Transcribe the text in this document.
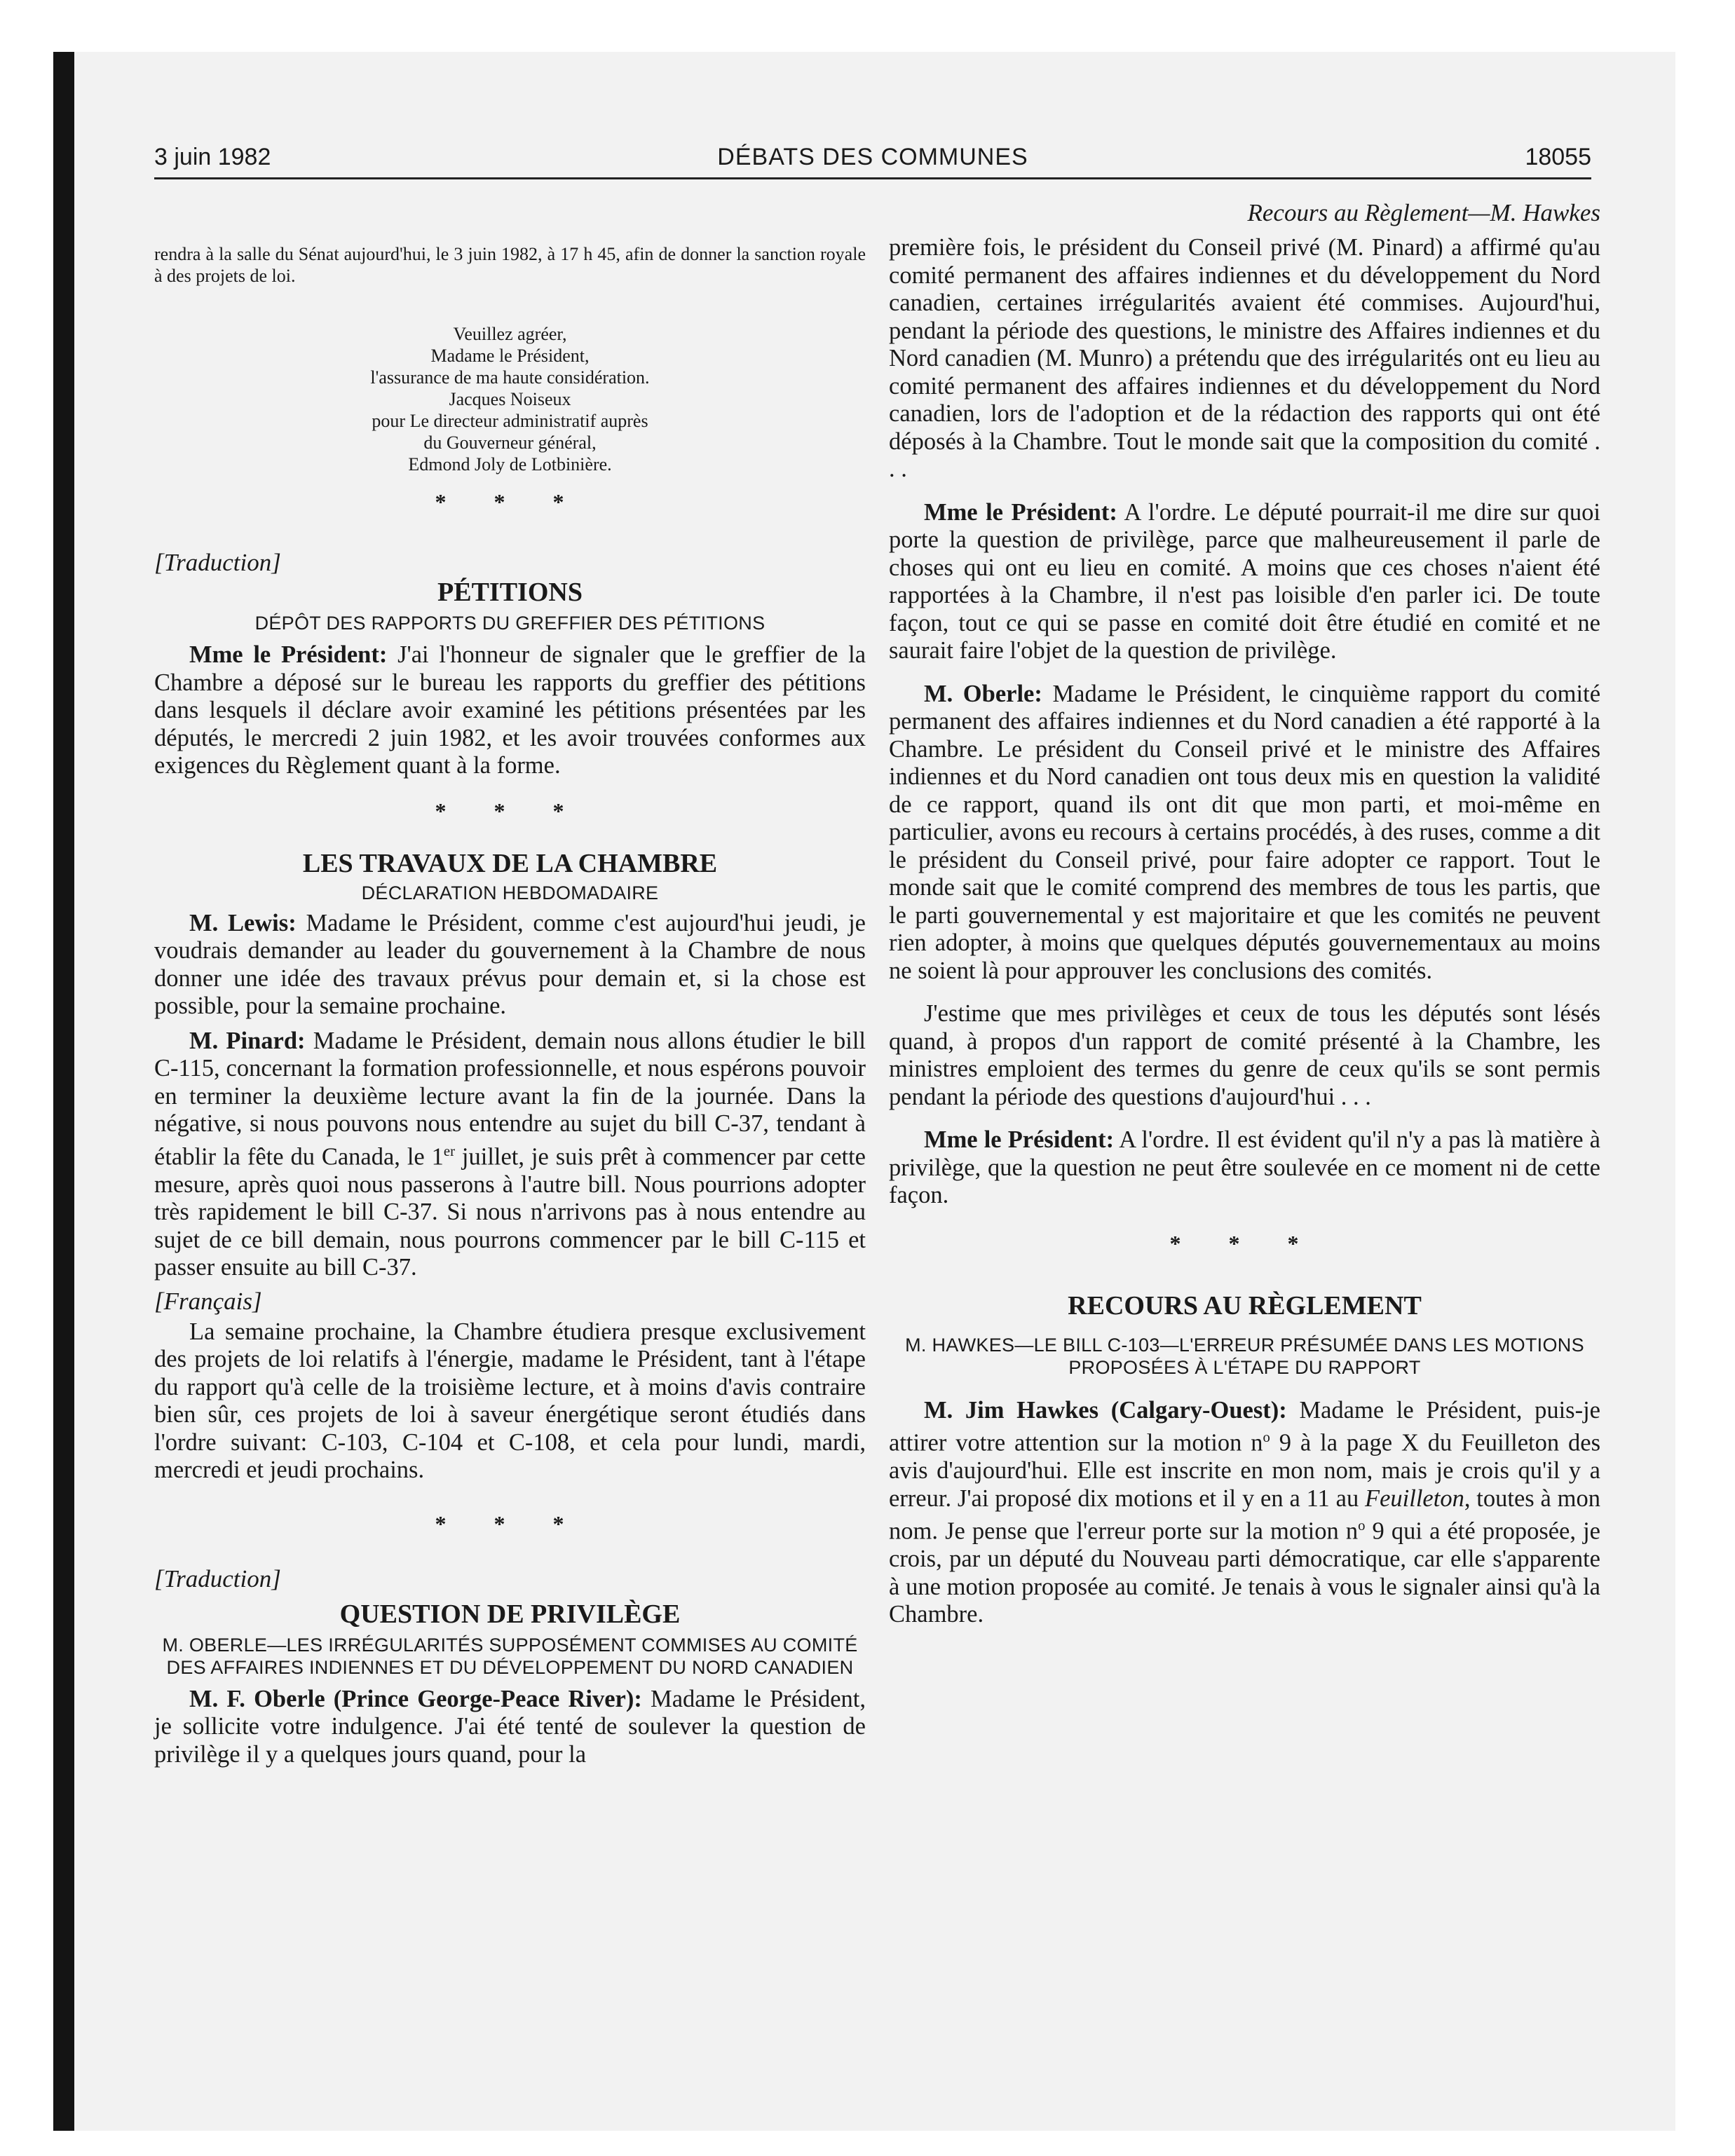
3 juin 1982	DÉBATS DES COMMUNES	18055

rendra à la salle du Sénat aujourd'hui, le 3 juin 1982, à 17 h 45, afin de donner la sanction royale à des projets de loi.

Veuillez agréer,

Madame le Président,

l'assurance de ma haute considération.

Jacques Noiseux

pour Le directeur administratif auprès

du Gouverneur général,

Edmond Joly de Lotbinière.

* * *

[Traduction]

PÉTITIONS

DÉPÔT DES RAPPORTS DU GREFFIER DES PÉTITIONS

Mme le Président: J'ai l'honneur de signaler que le greffier de la Chambre a déposé sur le bureau les rapports du greffier des pétitions dans lesquels il déclare avoir examiné les pétitions présentées par les députés, le mercredi 2 juin 1982, et les avoir trouvées conformes aux exigences du Règlement quant à la forme.

* * *

LES TRAVAUX DE LA CHAMBRE

DÉCLARATION HEBDOMADAIRE

M. Lewis: Madame le Président, comme c'est aujourd'hui jeudi, je voudrais demander au leader du gouvernement à la Chambre de nous donner une idée des travaux prévus pour demain et, si la chose est possible, pour la semaine prochaine.

M. Pinard: Madame le Président, demain nous allons étudier le bill C-115, concernant la formation professionnelle, et nous espérons pouvoir en terminer la deuxième lecture avant la fin de la journée. Dans la négative, si nous pouvons nous entendre au sujet du bill C-37, tendant à établir la fête du Canada, le 1er juillet, je suis prêt à commencer par cette mesure, après quoi nous passerons à l'autre bill. Nous pourrions adopter très rapidement le bill C-37. Si nous n'arrivons pas à nous entendre au sujet de ce bill demain, nous pourrons commencer par le bill C-115 et passer ensuite au bill C-37.

[Français]

La semaine prochaine, la Chambre étudiera presque exclusivement des projets de loi relatifs à l'énergie, madame le Président, tant à l'étape du rapport qu'à celle de la troisième lecture, et à moins d'avis contraire bien sûr, ces projets de loi à saveur énergétique seront étudiés dans l'ordre suivant: C-103, C-104 et C-108, et cela pour lundi, mardi, mercredi et jeudi prochains.

* * *

[Traduction]

QUESTION DE PRIVILÈGE

M. OBERLE—LES IRRÉGULARITÉS SUPPOSÉMENT COMMISES AU COMITÉ DES AFFAIRES INDIENNES ET DU DÉVELOPPEMENT DU NORD CANADIEN

M. F. Oberle (Prince George-Peace River): Madame le Président, je sollicite votre indulgence. J'ai été tenté de soulever la question de privilège il y a quelques jours quand, pour la

Recours au Règlement—M. Hawkes

première fois, le président du Conseil privé (M. Pinard) a affirmé qu'au comité permanent des affaires indiennes et du développement du Nord canadien, certaines irrégularités avaient été commises. Aujourd'hui, pendant la période des questions, le ministre des Affaires indiennes et du Nord canadien (M. Munro) a prétendu que des irrégularités ont eu lieu au comité permanent des affaires indiennes et du développement du Nord canadien, lors de l'adoption et de la rédaction des rapports qui ont été déposés à la Chambre. Tout le monde sait que la composition du comité . . .

Mme le Président: A l'ordre. Le député pourrait-il me dire sur quoi porte la question de privilège, parce que malheureusement il parle de choses qui ont eu lieu en comité. A moins que ces choses n'aient été rapportées à la Chambre, il n'est pas loisible d'en parler ici. De toute façon, tout ce qui se passe en comité doit être étudié en comité et ne saurait faire l'objet de la question de privilège.

M. Oberle: Madame le Président, le cinquième rapport du comité permanent des affaires indiennes et du Nord canadien a été rapporté à la Chambre. Le président du Conseil privé et le ministre des Affaires indiennes et du Nord canadien ont tous deux mis en question la validité de ce rapport, quand ils ont dit que mon parti, et moi-même en particulier, avons eu recours à certains procédés, à des ruses, comme a dit le président du Conseil privé, pour faire adopter ce rapport. Tout le monde sait que le comité comprend des membres de tous les partis, que le parti gouvernemental y est majoritaire et que les comités ne peuvent rien adopter, à moins que quelques députés gouvernementaux au moins ne soient là pour approuver les conclusions des comités.

J'estime que mes privilèges et ceux de tous les députés sont lésés quand, à propos d'un rapport de comité présenté à la Chambre, les ministres emploient des termes du genre de ceux qu'ils se sont permis pendant la période des questions d'aujourd'hui . . .

Mme le Président: A l'ordre. Il est évident qu'il n'y a pas là matière à privilège, que la question ne peut être soulevée en ce moment ni de cette façon.

* * *

RECOURS AU RÈGLEMENT

M. HAWKES—LE BILL C-103—L'ERREUR PRÉSUMÉE DANS LES MOTIONS PROPOSÉES À L'ÉTAPE DU RAPPORT

M. Jim Hawkes (Calgary-Ouest): Madame le Président, puis-je attirer votre attention sur la motion $n^o$ 9 à la page X du Feuilleton des avis d'aujourd'hui. Elle est inscrite en mon nom, mais je crois qu'il y a erreur. J'ai proposé dix motions et il y en a 11 au Feuilleton, toutes à mon nom. Je pense que l'erreur porte sur la motion $n^o$ 9 qui a été proposée, je crois, par un député du Nouveau parti démocratique, car elle s'apparente à une motion proposée au comité. Je tenais à vous le signaler ainsi qu'à la Chambre.
